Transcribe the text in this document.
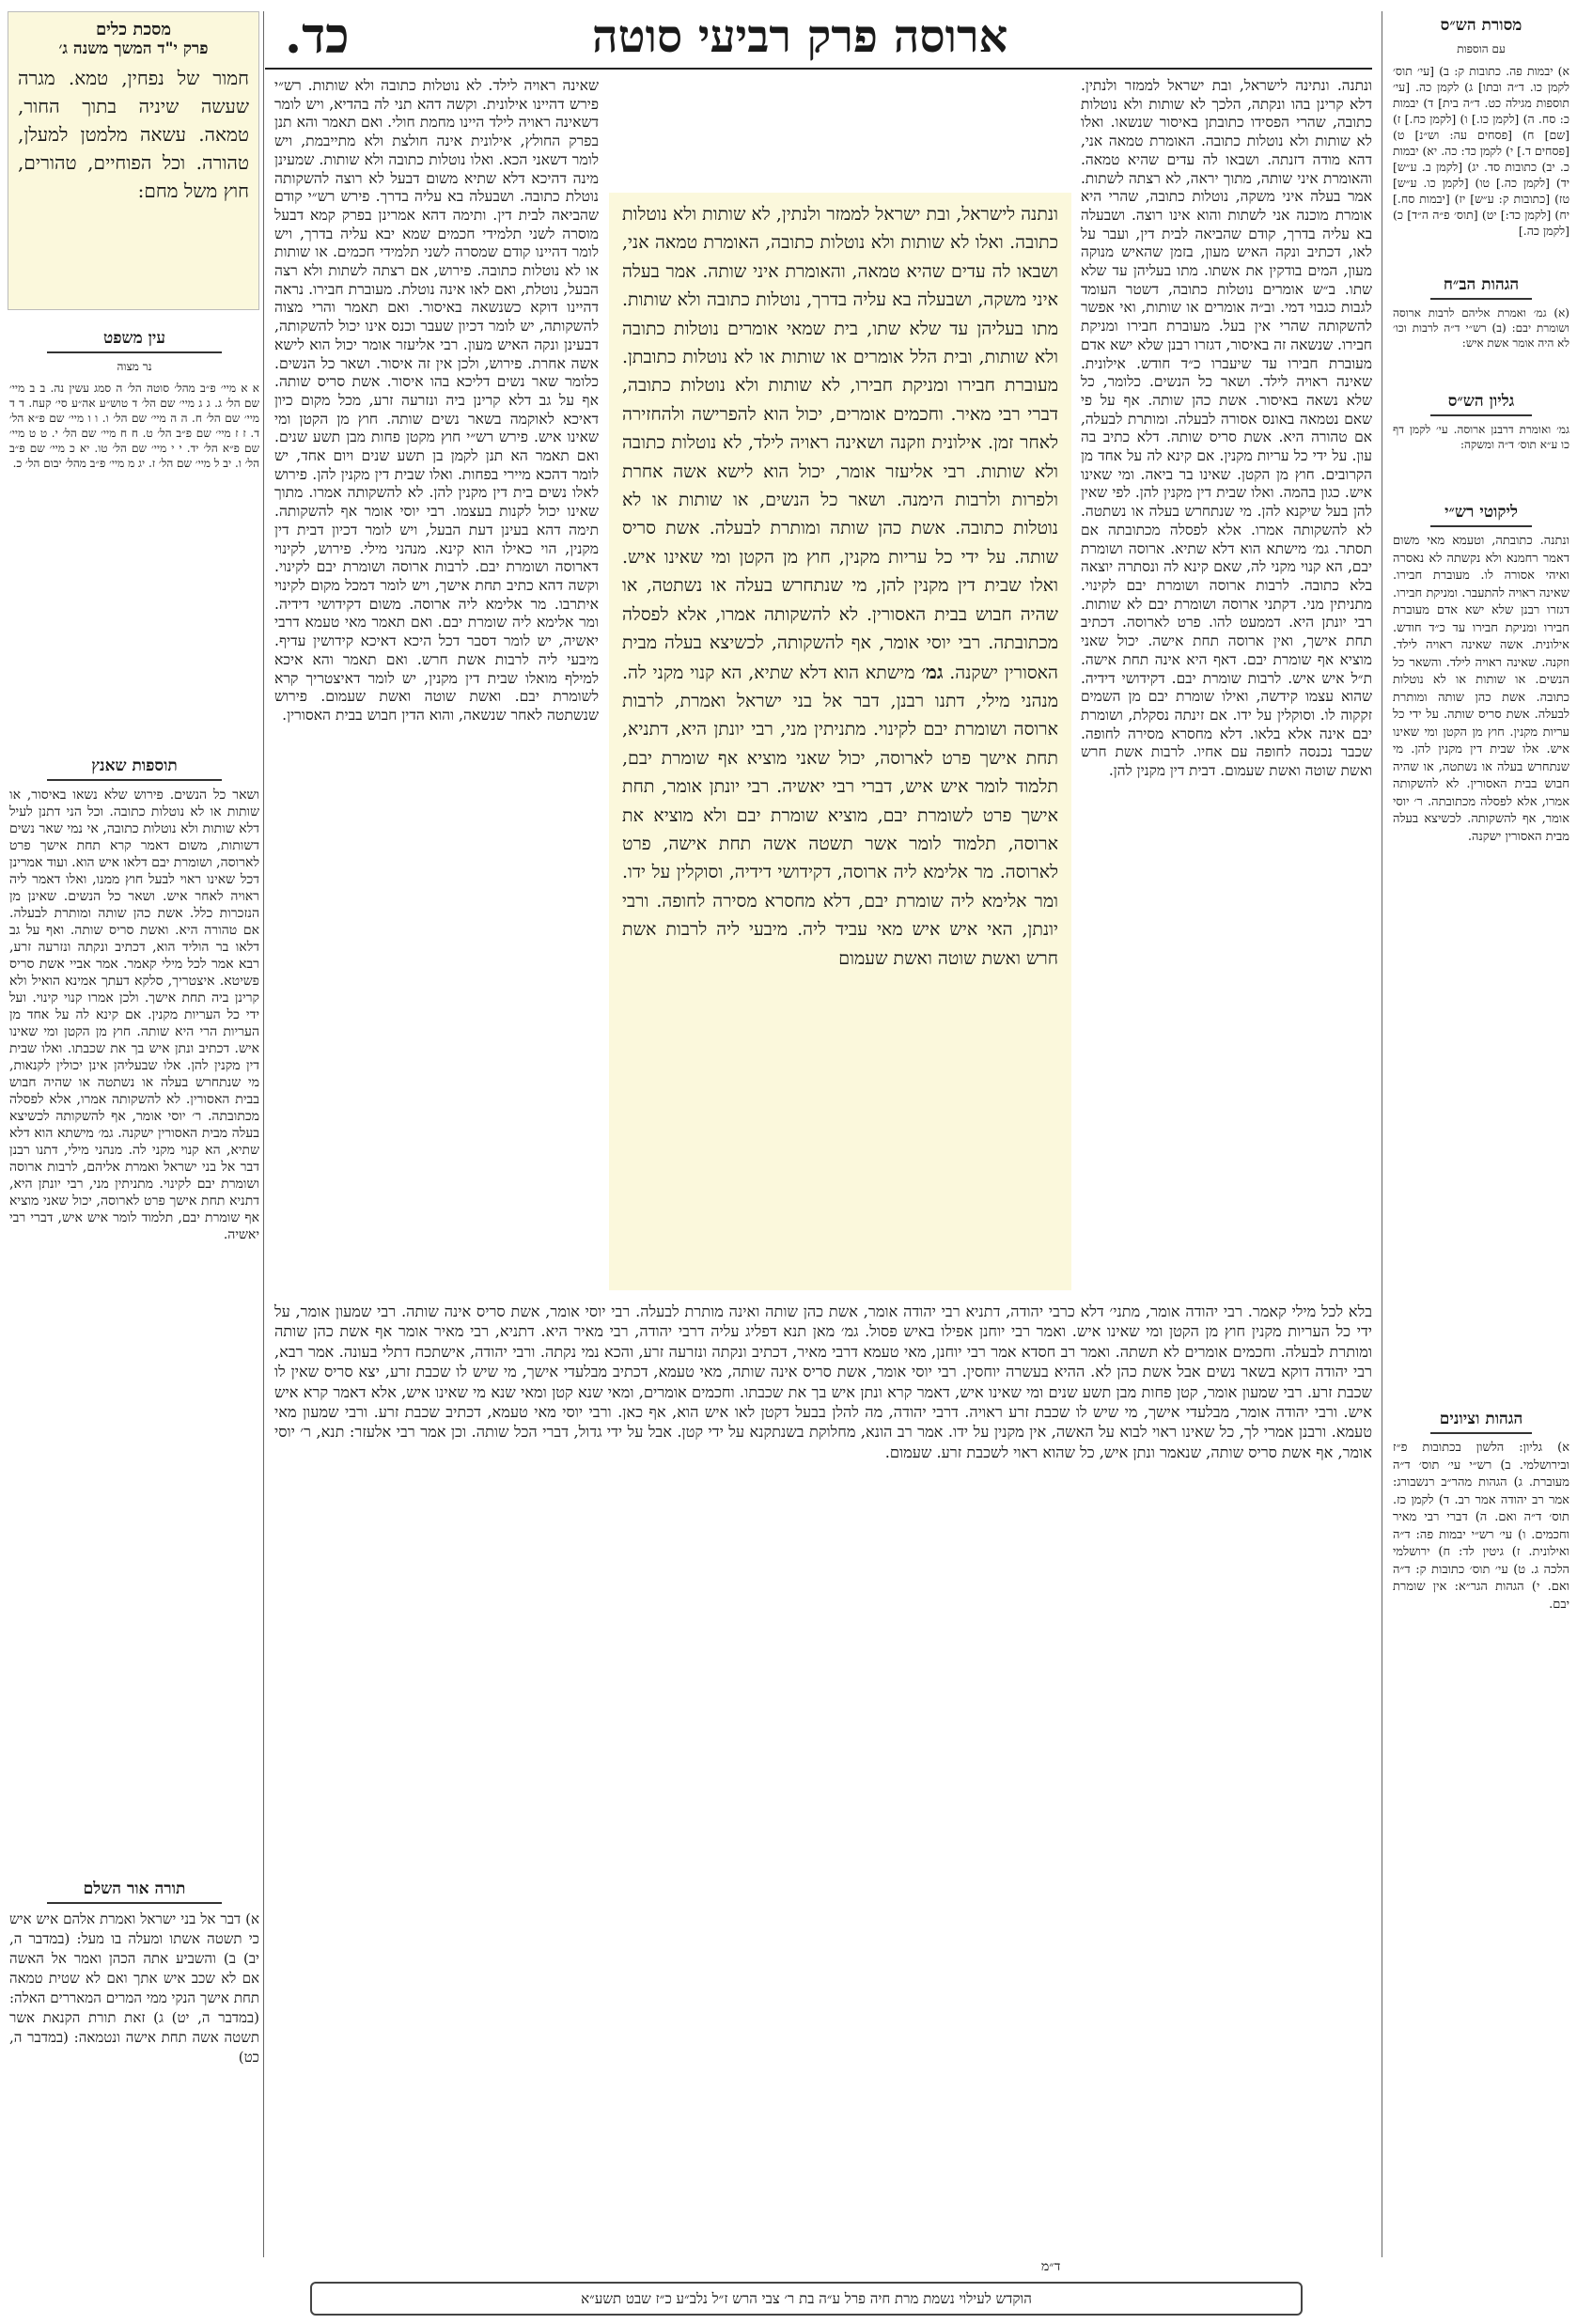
כד.	ארוסה פרק רביעי סוטה
מסכת כלים
פרק י"ד המשך משנה ג׳
חמור של נפחין, טמא. מגרה שעשה שיניה בתוך החור, טמאה. עשאה מלמטן למעלן, טהורה. וכל הפוחיים, טהורים, חוץ משל מחם:
עין משפט
נר מצוה
א א מיי׳ פ״ב מהל׳ סוטה הל׳ ה סמג עשין נה. ב ב מיי׳ שם הל׳ ג. ג ג מיי׳ שם הל׳ ד טוש״ע אה״ע סי׳ קעח. ד ד מיי׳ שם הל׳ ח. ה ה מיי׳ שם הל׳ ו. ו ו מיי׳ שם פ״א הל׳ ד. ז ז מיי׳ שם פ״ב הל׳ ט. ח ח מיי׳ שם הל׳ י. ט ט מיי׳ שם פ״א הל׳ יד. י י מיי׳ שם הל׳ טו. יא כ מיי׳ שם פ״ב הל׳ ו. יב ל מיי׳ שם הל׳ ז. יג מ מיי׳ פ״ב מהל׳ יבום הל׳ כ.
תוספות שאנץ
ושאר כל הנשים. פירוש שלא נשאו באיסור, או שותות או לא נוטלות כתובה. וכל הני דתנן לעיל דלא שותות ולא נוטלות כתובה, אי נמי שאר נשים דשותות, משום דאמר קרא תחת אישך פרט לארוסה, ושומרת יבם דלאו איש הוא. ועוד אמרינן דכל שאינו ראוי לבעל חוץ ממנו, ואלו דאמר ליה ראויה לאחר איש. ושאר כל הנשים. שאינן מן הנזכרות כלל. אשת כהן שותה ומותרת לבעלה. אם טהורה היא. ואשת סריס שותה. ואף על גב דלאו בר הוליד הוא, דכתיב ונקתה ונזרעה זרע, רבא אמר לכל מילי קאמר. אמר אביי אשת סריס פשיטא. איצטריך, סלקא דעתך אמינא הואיל ולא קרינן ביה תחת אישך. ולכן אמרו קנוי קינוי. ועל ידי כל העריות מקנין. אם קינא לה על אחד מן העריות הרי היא שותה. חוץ מן הקטן ומי שאינו איש. דכתיב ונתן איש בך את שכבתו. ואלו שבית דין מקנין להן. אלו שבעליהן אינן יכולין לקנאות, מי שנתחרש בעלה או נשתטה או שהיה חבוש בבית האסורין. לא להשקותה אמרו, אלא לפסלה מכתובתה. ר׳ יוסי אומר, אף להשקותה לכשיצא בעלה מבית האסורין ישקנה. גמ׳ מישתא הוא דלא שתיא, הא קנוי מקני לה. מנהני מילי, דתנו רבנן דבר אל בני ישראל ואמרת אליהם, לרבות ארוסה ושומרת יבם לקינוי. מתניתין מני, רבי יונתן היא, דתניא תחת אישך פרט לארוסה, יכול שאני מוציא אף שומרת יבם, תלמוד לומר איש איש, דברי רבי יאשיה.
תורה אור השלם
א) דבר אל בני ישראל ואמרת אלהם איש איש כי תשטה אשתו ומעלה בו מעל: (במדבר ה, יב) ב) והשביע אתה הכהן ואמר אל האשה אם לא שכב איש אתך ואם לא שטית טמאה תחת אישך הנקי ממי המרים המאררים האלה: (במדבר ה, יט) ג) זאת תורת הקנאת אשר תשטה אשה תחת אישה ונטמאה: (במדבר ה, כט)
מסורת הש״ס
עם הוספות
א) יבמות פה. כתובות ק: ב) [עי׳ תוס׳ לקמן כו. ד״ה ובתו] ג) לקמן כה. [עי׳ תוספות מגילה כט. ד״ה בית] ד) יבמות כ: סח. ה) [לקמן כו.] ו) [לקמן כח.] ז) [שם] ח) [פסחים עה: וש״נ] ט) [פסחים ד.] י) לקמן כד: כה. יא) יבמות כ. יב) כתובות סד. יג) [לקמן ב. ע״ש] יד) [לקמן כה.] טו) [לקמן כו. ע״ש] טז) [כתובות ק: ע״ש] יז) [יבמות סח.] יח) [לקמן כד:] יט) [תוס׳ פ״ה ה״ד] כ) [לקמן כה.]
הגהות הב״ח
(א) גמ׳ ואמרת אליהם לרבות ארוסה ושומרת יבם: (ב) רש״י ד״ה לרבות וכו׳ לא היה אומר אשת איש:
גליון הש״ס
גמ׳ ואומרת דרבנן ארוסה. עי׳ לקמן דף כו ע״א תוס׳ ד״ה ומשקה:
ליקוטי רש״י
ונתנה. כתובתה, וטעמא מאי משום דאמר רחמנא ולא נקשתה לא נאסרה ואיהי אסורה לו. מעוברת חבירו. שאינה ראויה להתעבר. ומניקת חבירו. דגזרו רבנן שלא ישא אדם מעוברת חבירו ומניקת חבירו עד כ״ד חודש. אילונית. אשה שאינה ראויה לילד. וזקנה. שאינה ראויה לילד. והשאר כל הנשים. או שותות או לא נוטלות כתובה. אשת כהן שותה ומותרת לבעלה. אשת סריס שותה. על ידי כל עריות מקנין. חוץ מן הקטן ומי שאינו איש. אלו שבית דין מקנין להן. מי שנתחרש בעלה או נשתטה, או שהיה חבוש בבית האסורין. לא להשקותה אמרו, אלא לפסלה מכתובתה. ר׳ יוסי אומר, אף להשקותה. לכשיצא בעלה מבית האסורין ישקנה.
הגהות וציונים
א) גליון: הלשון בכתובות פ״ז ובירושלמי. ב) רש״י עי׳ תוס׳ ד״ה מעוברת. ג) הגהות מהר״ב רנשבורג: אמר רב יהודה אמר רב. ד) לקמן כז. תוס׳ ד״ה ואם. ה) דברי רבי מאיר וחכמים. ו) עי׳ רש״י יבמות פה: ד״ה ואילונית. ז) גיטין לד: ח) ירושלמי הלכה ג. ט) עי׳ תוס׳ כתובות ק: ד״ה ואם. י) הגהות הגר״א: אין שומרת יבם.
שאינה ראויה לילד. לא נוטלות כתובה ולא שותות. רש״י פירש דהיינו אילונית. וקשה דהא תני לה בהדיא, ויש לומר דשאינה ראויה לילד היינו מחמת חולי. ואם תאמר והא תנן בפרק החולץ, אילונית אינה חולצת ולא מתייבמת, ויש לומר דשאני הכא. ואלו נוטלות כתובה ולא שותות. שמעינן מינה דהיכא דלא שתיא משום דבעל לא רוצה להשקותה נוטלת כתובה. ושבעלה בא עליה בדרך. פירש רש״י קודם שהביאה לבית דין. ותימה דהא אמרינן בפרק קמא דבעל מוסרה לשני תלמידי חכמים שמא יבא עליה בדרך, ויש לומר דהיינו קודם שמסרה לשני תלמידי חכמים. או שותות או לא נוטלות כתובה. פירוש, אם רצתה לשתות ולא רצה הבעל, נוטלת, ואם לאו אינה נוטלת. מעוברת חבירו. נראה דהיינו דוקא כשנשאה באיסור. ואם תאמר והרי מצוה להשקותה, יש לומר דכיון שעבר וכנס אינו יכול להשקותה, דבעינן ונקה האיש מעון. רבי אליעזר אומר יכול הוא לישא אשה אחרת. פירוש, ולכן אין זה איסור. ושאר כל הנשים. כלומר שאר נשים דליכא בהו איסור. אשת סריס שותה. אף על גב דלא קרינן ביה ונזרעה זרע, מכל מקום כיון דאיכא לאוקמה בשאר נשים שותה. חוץ מן הקטן ומי שאינו איש. פירש רש״י חוץ מקטן פחות מבן תשע שנים. ואם תאמר הא תנן לקמן בן תשע שנים ויום אחד, יש לומר דהכא מיירי בפחות. ואלו שבית דין מקנין להן. פירוש לאלו נשים בית דין מקנין להן. לא להשקותה אמרו. מתוך שאינו יכול לקנות בעצמו. רבי יוסי אומר אף להשקותה. תימה דהא בעינן דעת הבעל, ויש לומר דכיון דבית דין מקנין, הוי כאילו הוא קינא. מנהני מילי. פירוש, לקינוי דארוסה ושומרת יבם. לרבות ארוסה ושומרת יבם לקינוי. וקשה דהא כתיב תחת אישך, ויש לומר דמכל מקום לקינוי איתרבו. מר אלימא ליה ארוסה. משום דקידושי דידיה. ומר אלימא ליה שומרת יבם. ואם תאמר מאי טעמא דרבי יאשיה, יש לומר דסבר דכל היכא דאיכא קידושין עדיף. מיבעי ליה לרבות אשת חרש. ואם תאמר והא איכא למילף מואלו שבית דין מקנין, יש לומר דאיצטריך קרא לשומרת יבם. ואשת שוטה ואשת שעמום. פירוש שנשתטה לאחר שנשאה, והוא הדין חבוש בבית האסורין.
ונתנה. ונתינה לישראל, ובת ישראל לממזר ולנתין. דלא קרינן בהו ונקתה, הלכך לא שותות ולא נוטלות כתובה, שהרי הפסידו כתובתן באיסור שנשאו. ואלו לא שותות ולא נוטלות כתובה. האומרת טמאה אני, דהא מודה דזנתה. ושבאו לה עדים שהיא טמאה. והאומרת איני שותה, מתוך יראה, לא רצתה לשתות. אמר בעלה איני משקה, נוטלות כתובה, שהרי היא אומרת מוכנה אני לשתות והוא אינו רוצה. ושבעלה בא עליה בדרך, קודם שהביאה לבית דין, ועבר על לאו, דכתיב ונקה האיש מעון, בזמן שהאיש מנוקה מעון, המים בודקין את אשתו. מתו בעליהן עד שלא שתו. ב״ש אומרים נוטלות כתובה, דשטר העומד לגבות כגבוי דמי. וב״ה אומרים או שותות, ואי אפשר להשקותה שהרי אין בעל. מעוברת חבירו ומניקת חבירו. שנשאה זה באיסור, דגזרו רבנן שלא ישא אדם מעוברת חבירו עד שיעברו כ״ד חודש. אילונית. שאינה ראויה לילד. ושאר כל הנשים. כלומר, כל שלא נשאה באיסור. אשת כהן שותה. אף על פי שאם נטמאה באונס אסורה לבעלה. ומותרת לבעלה, אם טהורה היא. אשת סריס שותה. דלא כתיב בה עון. על ידי כל עריות מקנין. אם קינא לה על אחד מן הקרובים. חוץ מן הקטן. שאינו בר ביאה. ומי שאינו איש. כגון בהמה. ואלו שבית דין מקנין להן. לפי שאין להן בעל שיקנא להן. מי שנתחרש בעלה או נשתטה. לא להשקותה אמרו. אלא לפסלה מכתובתה אם תסתר. גמ׳ מישתא הוא דלא שתיא. ארוסה ושומרת יבם, הא קנוי מקני לה, שאם קינא לה ונסתרה יוצאה בלא כתובה. לרבות ארוסה ושומרת יבם לקינוי. מתניתין מני. דקתני ארוסה ושומרת יבם לא שותות. רבי יונתן היא. דממעט להו. פרט לארוסה. דכתיב תחת אישך, ואין ארוסה תחת אישה. יכול שאני מוציא אף שומרת יבם. דאף היא אינה תחת אישה. ת״ל איש איש. לרבות שומרת יבם. דקידושי דידיה. שהוא עצמו קידשה, ואילו שומרת יבם מן השמים זקקוה לו. וסוקלין על ידו. אם זינתה נסקלת, ושומרת יבם אינה אלא בלאו. דלא מחסרא מסירה לחופה. שכבר נכנסה לחופה עם אחיו. לרבות אשת חרש ואשת שוטה ואשת שעמום. דבית דין מקנין להן.
ונתנה לישראל, ובת ישראל לממזר ולנתין, לא שותות ולא נוטלות כתובה. ואלו לא שותות ולא נוטלות כתובה, האומרת טמאה אני, ושבאו לה עדים שהיא טמאה, והאומרת איני שותה. אמר בעלה איני משקה, ושבעלה בא עליה בדרך, נוטלות כתובה ולא שותות. מתו בעליהן עד שלא שתו, בית שמאי אומרים נוטלות כתובה ולא שותות, ובית הלל אומרים או שותות או לא נוטלות כתובתן. מעוברת חבירו ומניקת חבירו, לא שותות ולא נוטלות כתובה, דברי רבי מאיר. וחכמים אומרים, יכול הוא להפרישה ולהחזירה לאחר זמן. אילונית וזקנה ושאינה ראויה לילד, לא נוטלות כתובה ולא שותות. רבי אליעזר אומר, יכול הוא לישא אשה אחרת ולפרות ולרבות הימנה. ושאר כל הנשים, או שותות או לא נוטלות כתובה. אשת כהן שותה ומותרת לבעלה. אשת סריס שותה. על ידי כל עריות מקנין, חוץ מן הקטן ומי שאינו איש. ואלו שבית דין מקנין להן, מי שנתחרש בעלה או נשתטה, או שהיה חבוש בבית האסורין. לא להשקותה אמרו, אלא לפסלה מכתובתה. רבי יוסי אומר, אף להשקותה, לכשיצא בעלה מבית האסורין ישקנה. גמ׳ מישתא הוא דלא שתיא, הא קנוי מקני לה. מנהני מילי, דתנו רבנן, דבר אל בני ישראל ואמרת, לרבות ארוסה ושומרת יבם לקינוי. מתניתין מני, רבי יונתן היא, דתניא, תחת אישך פרט לארוסה, יכול שאני מוציא אף שומרת יבם, תלמוד לומר איש איש, דברי רבי יאשיה. רבי יונתן אומר, תחת אישך פרט לשומרת יבם, מוציא שומרת יבם ולא מוציא את ארוסה, תלמוד לומר אשר תשטה אשה תחת אישה, פרט לארוסה. מר אלימא ליה ארוסה, דקידושי דידיה, וסוקלין על ידו. ומר אלימא ליה שומרת יבם, דלא מחסרא מסירה לחופה. ורבי יונתן, האי איש איש מאי עביד ליה. מיבעי ליה לרבות אשת חרש ואשת שוטה ואשת שעמום
בלא לכל מילי קאמר. רבי יהודה אומר, מתני׳ דלא כרבי יהודה, דתניא רבי יהודה אומר, אשת כהן שותה ואינה מותרת לבעלה. רבי יוסי אומר, אשת סריס אינה שותה. רבי שמעון אומר, על ידי כל העריות מקנין חוץ מן הקטן ומי שאינו איש. ואמר רבי יוחנן אפילו באיש פסול. גמ׳ מאן תנא דפליג עליה דרבי יהודה, רבי מאיר היא. דתניא, רבי מאיר אומר אף אשת כהן שותה ומותרת לבעלה. וחכמים אומרים לא תשתה. ואמר רב חסדא אמר רבי יוחנן, מאי טעמא דרבי מאיר, דכתיב ונקתה ונזרעה זרע, והכא נמי נקתה. ורבי יהודה, אישתכח דתלי בעונה. אמר רבא, רבי יהודה דוקא בשאר נשים אבל אשת כהן לא. ההיא בעשרה יוחסין. רבי יוסי אומר, אשת סריס אינה שותה, מאי טעמא, דכתיב מבלעדי אישך, מי שיש לו שכבת זרע, יצא סריס שאין לו שכבת זרע. רבי שמעון אומר, קטן פחות מבן תשע שנים ומי שאינו איש, דאמר קרא ונתן איש בך את שכבתו. וחכמים אומרים, ומאי שנא קטן ומאי שנא מי שאינו איש, אלא דאמר קרא איש איש. ורבי יהודה אומר, מבלעדי אישך, מי שיש לו שכבת זרע ראויה. דרבי יהודה, מה להלן בבעל דקטן לאו איש הוא, אף כאן. ורבי יוסי מאי טעמא, דכתיב שכבת זרע. ורבי שמעון מאי טעמא. ורבנן אמרי לך, כל שאינו ראוי לבוא על האשה, אין מקנין על ידו. אמר רב הונא, מחלוקת בשנתקנא על ידי קטן. אבל על ידי גדול, דברי הכל שותה. וכן אמר רבי אלעזר: תנא, ר׳ יוסי אומר, אף אשת סריס שותה, שנאמר ונתן איש, כל שהוא ראוי לשכבת זרע. שעמום.
ד״מ
הוקדש לעילוי נשמת מרת חיה פרל ע״ה בת ר׳ צבי הרש ז״ל נלב״ע כ״ז שבט תשע״א
